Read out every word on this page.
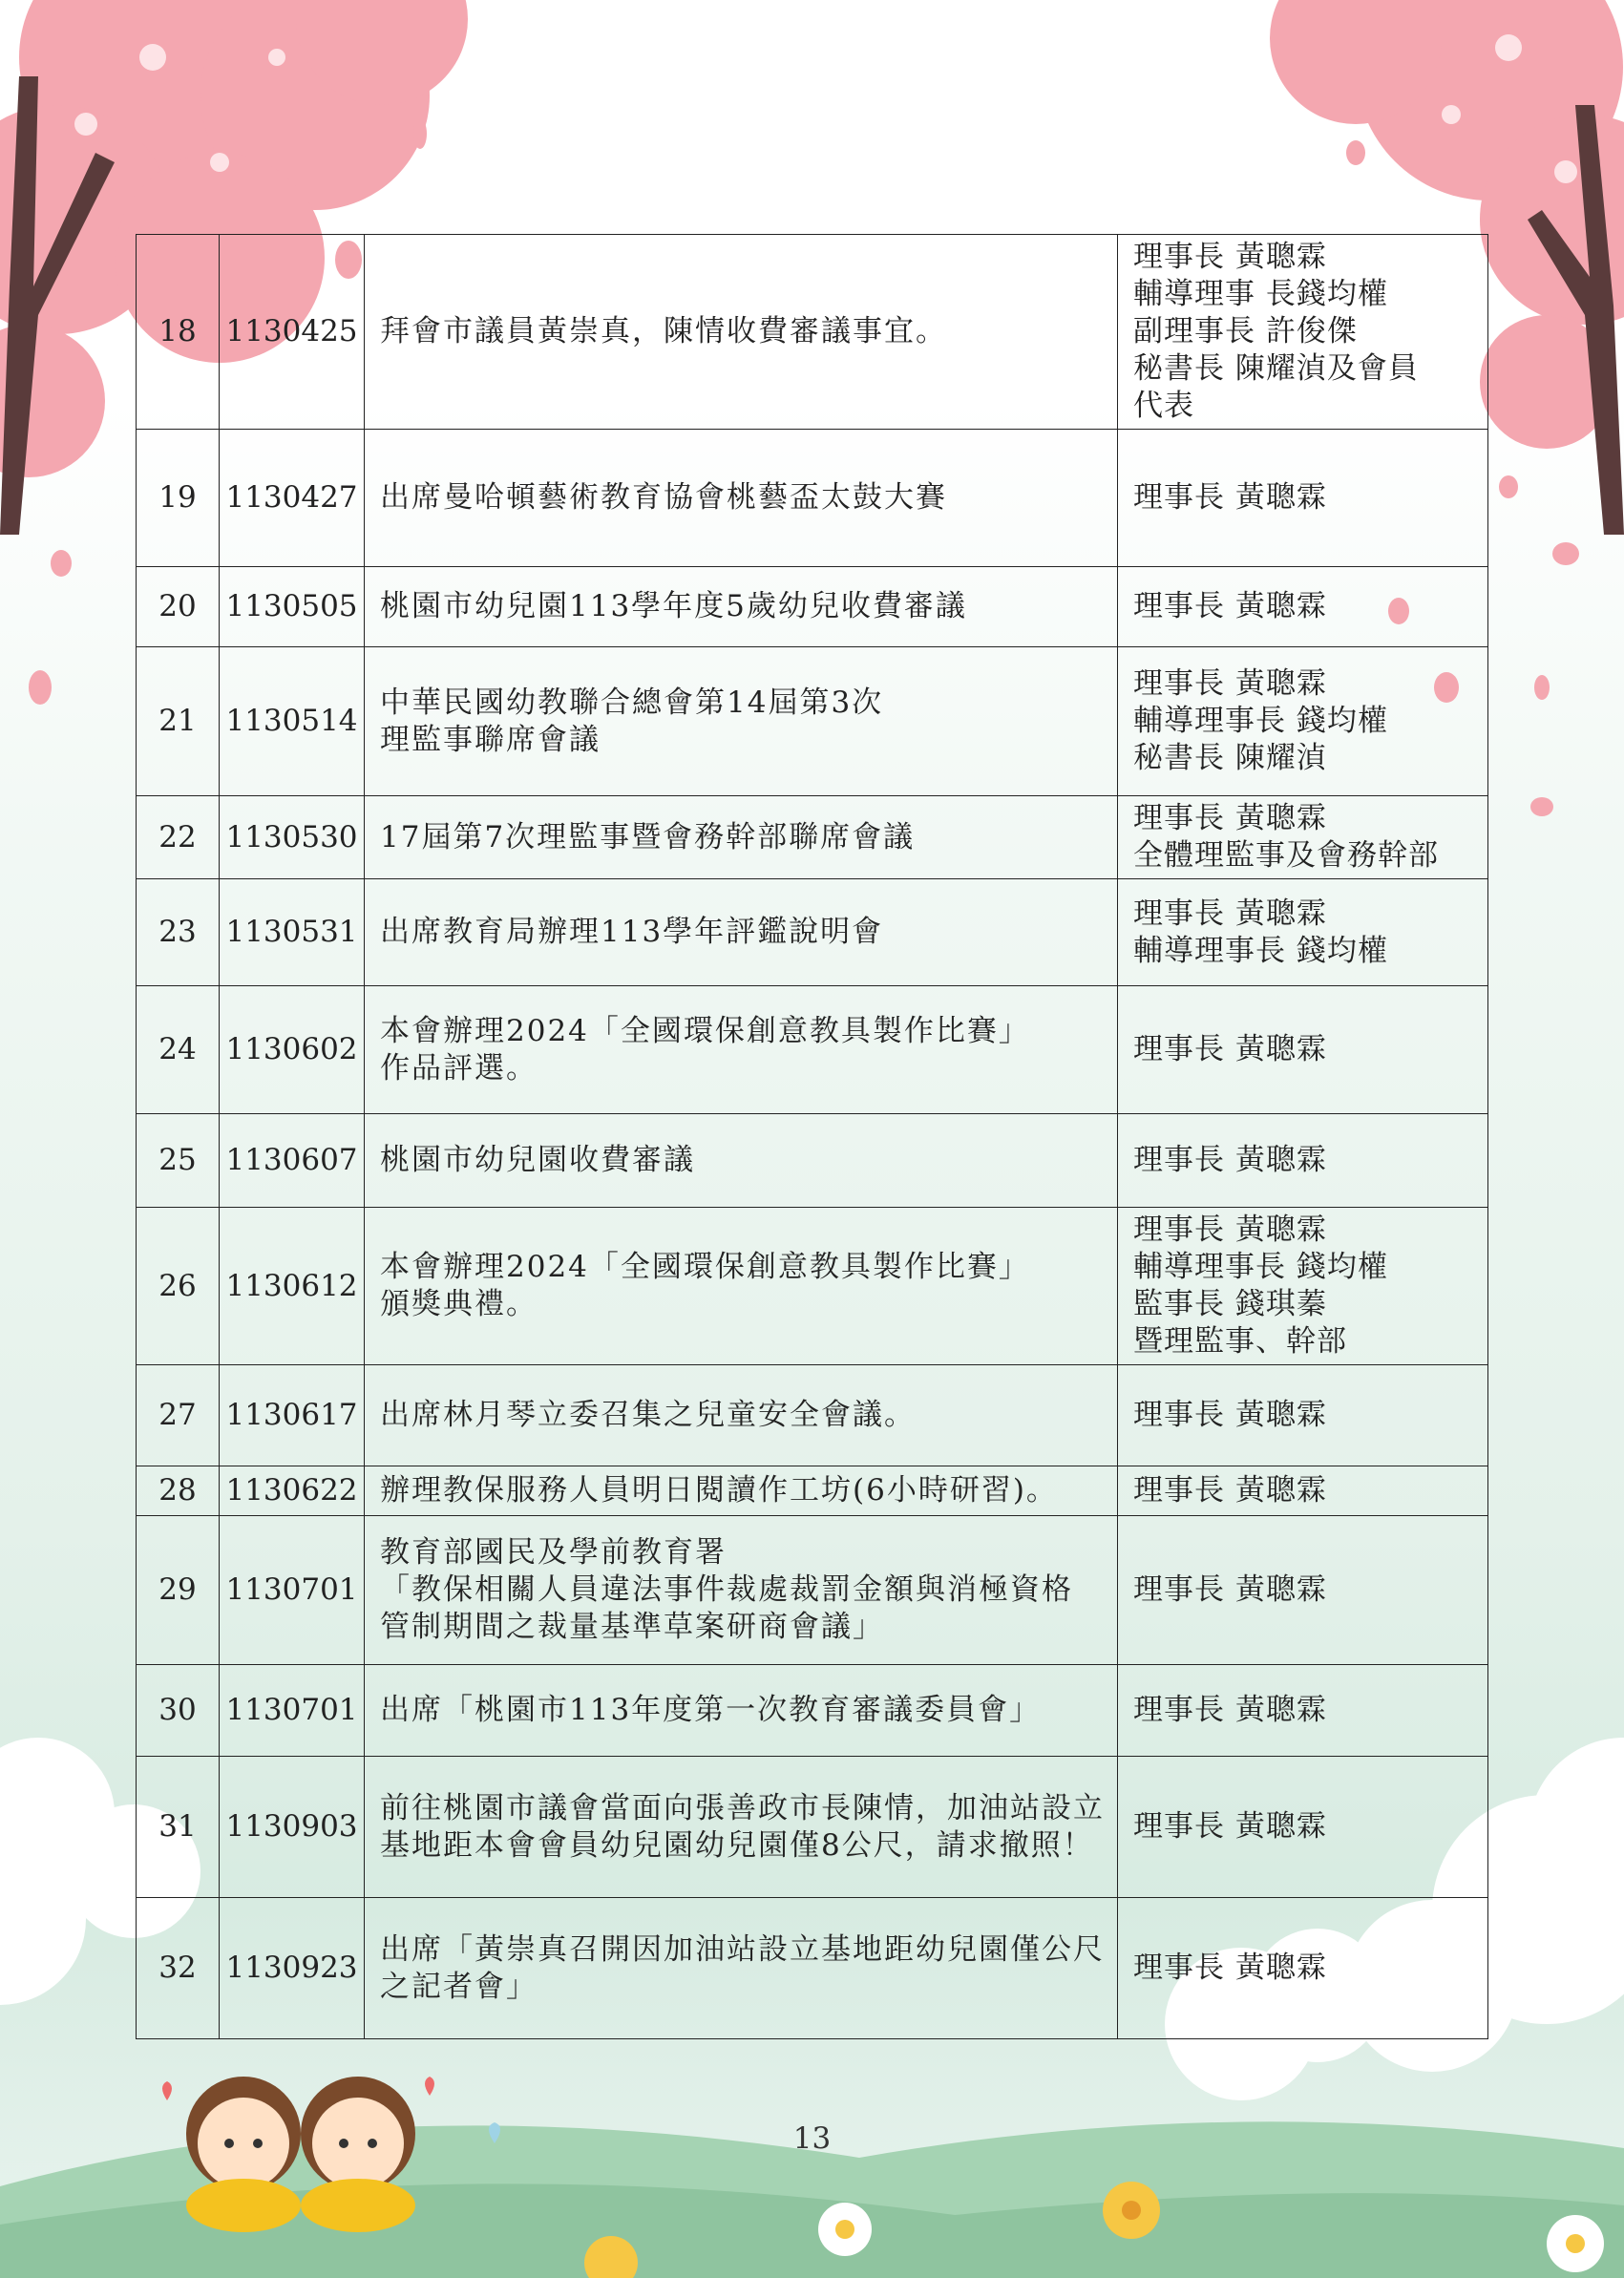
18	1130425	拜會市議員黃崇真，陳情收費審議事宜。	理事長 黃聰霖
輔導理事 長錢均權
副理事長 許俊傑
秘書長 陳耀湞及會員
代表

19	1130427	出席曼哈頓藝術教育協會桃藝盃太鼓大賽	理事長 黃聰霖

20	1130505	桃園市幼兒園113學年度5歲幼兒收費審議	理事長 黃聰霖

21	1130514	中華民國幼教聯合總會第14屆第3次
理監事聯席會議	理事長 黃聰霖
輔導理事長 錢均權
秘書長 陳耀湞

22	1130530	17屆第7次理監事暨會務幹部聯席會議	理事長 黃聰霖
全體理監事及會務幹部

23	1130531	出席教育局辦理113學年評鑑說明會	理事長 黃聰霖
輔導理事長 錢均權

24	1130602	本會辦理2024「全國環保創意教具製作比賽」
作品評選。	理事長 黃聰霖

25	1130607	桃園市幼兒園收費審議	理事長 黃聰霖

26	1130612	本會辦理2024「全國環保創意教具製作比賽」
頒獎典禮。	理事長 黃聰霖
輔導理事長 錢均權
監事長 錢琪蓁
暨理監事、幹部

27	1130617	出席林月琴立委召集之兒童安全會議。	理事長 黃聰霖

28	1130622	辦理教保服務人員明日閱讀作工坊(6小時研習)。	理事長 黃聰霖

29	1130701	教育部國民及學前教育署
「教保相關人員違法事件裁處裁罰金額與消極資格
管制期間之裁量基準草案研商會議」	理事長 黃聰霖

30	1130701	出席「桃園市113年度第一次教育審議委員會」	理事長 黃聰霖

31	1130903	前往桃園市議會當面向張善政市長陳情，加油站設立基地距本會會員幼兒園幼兒園僅8公尺，請求撤照！	理事長 黃聰霖

32	1130923	出席「黃崇真召開因加油站設立基地距幼兒園僅公尺之記者會」	理事長 黃聰霖
13
